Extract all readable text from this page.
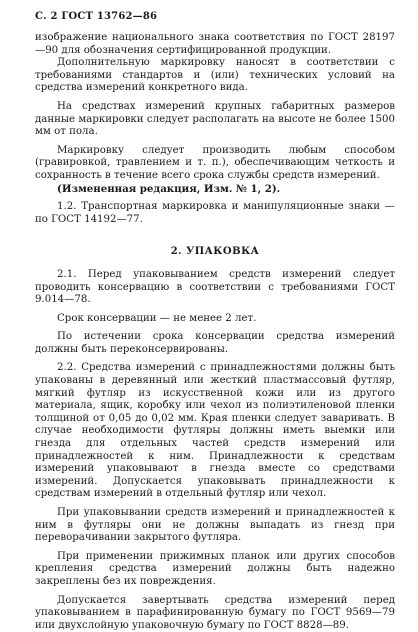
С. 2 ГОСТ 13762—86

изображение национального знака соответствия по ГОСТ 28197—90 для обозначения сертифицированной продукции.

Дополнительную маркировку наносят в соответствии с требованиями стандартов и (или) технических условий на средства измерений конкретного вида.

На средствах измерений крупных габаритных размеров данные маркировки следует располагать на высоте не более 1500 мм от пола.

Маркировку следует производить любым способом (гравировкой, травлением и т. п.), обеспечивающим четкость и сохранность в течение всего срока службы средств измерений.

(Измененная редакция, Изм. № 1, 2).

1.2. Транспортная маркировка и манипуляционные знаки — по ГОСТ 14192—77.

2. УПАКОВКА

2.1. Перед упаковыванием средств измерений следует проводить консервацию в соответствии с требованиями ГОСТ 9.014—78.

Срок консервации — не менее 2 лет.

По истечении срока консервации средства измерений должны быть переконсервированы.

2.2. Средства измерений с принадлежностями должны быть упакованы в деревянный или жесткий пластмассовый футляр, мягкий футляр из искусственной кожи или из другого материала, ящик, коробку или чехол из полиэтиленовой пленки толщиной от 0,05 до 0,02 мм. Края пленки следует заваривать. В случае необходимости футляры должны иметь выемки или гнезда для отдельных частей средств измерений или принадлежностей к ним. Принадлежности к средствам измерений упаковывают в гнезда вместе со средствами измерений. Допускается упаковывать принадлежности к средствам измерений в отдельный футляр или чехол.

При упаковывании средств измерений и принадлежностей к ним в футляры они не должны выпадать из гнезд при переворачивании закрытого футляра.

При применении прижимных планок или других способов крепления средства измерений должны быть надежно закреплены без их повреждения.

Допускается завертывать средства измерений перед упаковыванием в парафинированную бумагу по ГОСТ 9569—79 или двухслойную упаковочную бумагу по ГОСТ 8828—89.
